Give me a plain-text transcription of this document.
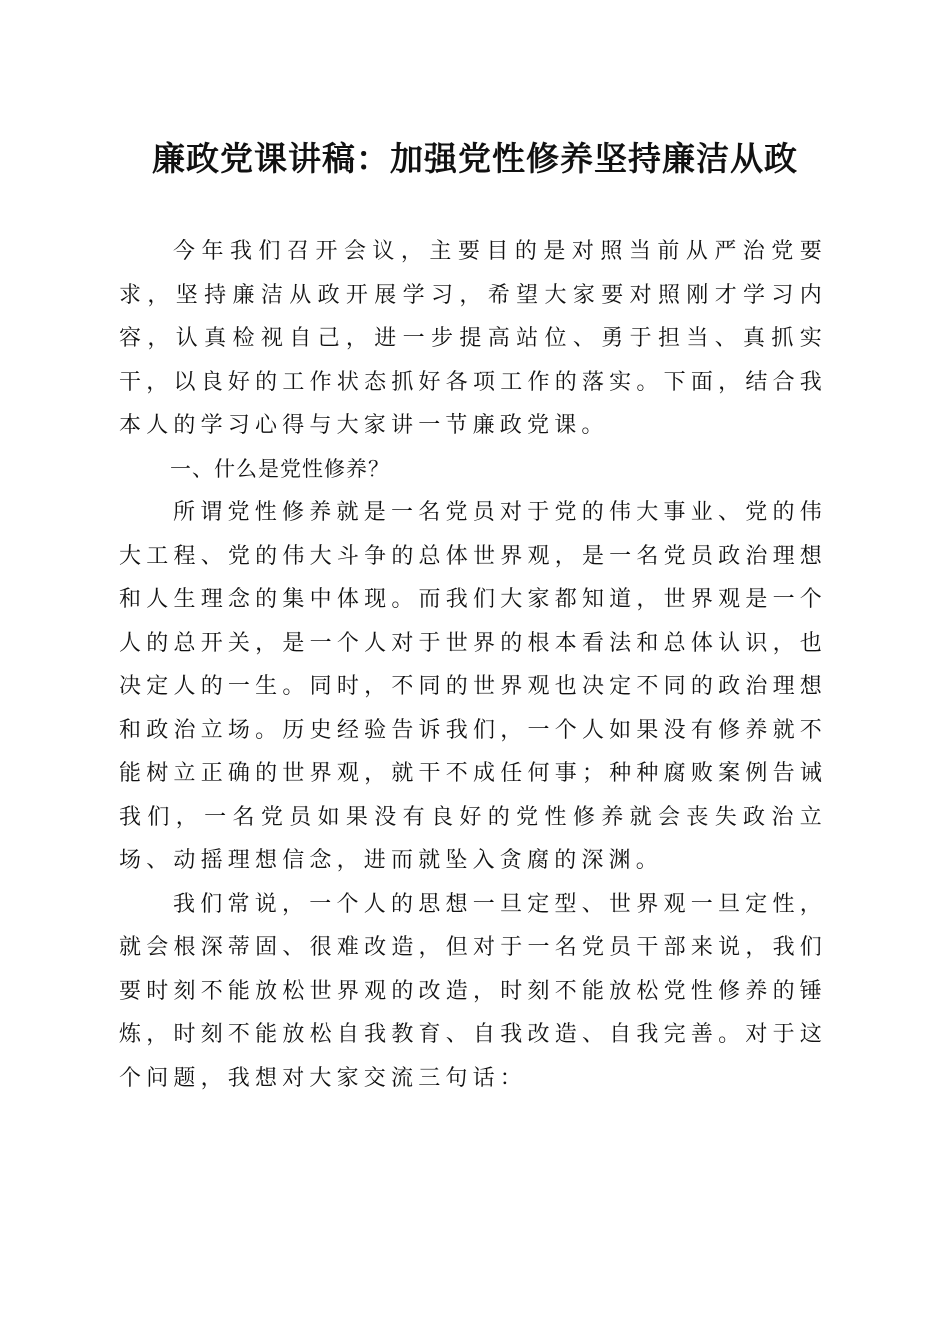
廉政党课讲稿：加强党性修养坚持廉洁从政

今年我们召开会议，主要目的是对照当前从严治党要求，坚持廉洁从政开展学习，希望大家要对照刚才学习内容，认真检视自己，进一步提高站位、勇于担当、真抓实干，以良好的工作状态抓好各项工作的落实。下面，结合我本人的学习心得与大家讲一节廉政党课。

一、什么是党性修养？

所谓党性修养就是一名党员对于党的伟大事业、党的伟大工程、党的伟大斗争的总体世界观，是一名党员政治理想和人生理念的集中体现。而我们大家都知道，世界观是一个人的总开关，是一个人对于世界的根本看法和总体认识，也决定人的一生。同时，不同的世界观也决定不同的政治理想和政治立场。历史经验告诉我们，一个人如果没有修养就不能树立正确的世界观，就干不成任何事；种种腐败案例告诫我们，一名党员如果没有良好的党性修养就会丧失政治立场、动摇理想信念，进而就坠入贪腐的深渊。

我们常说，一个人的思想一旦定型、世界观一旦定性，就会根深蒂固、很难改造，但对于一名党员干部来说，我们要时刻不能放松世界观的改造，时刻不能放松党性修养的锤炼，时刻不能放松自我教育、自我改造、自我完善。对于这个问题，我想对大家交流三句话：
